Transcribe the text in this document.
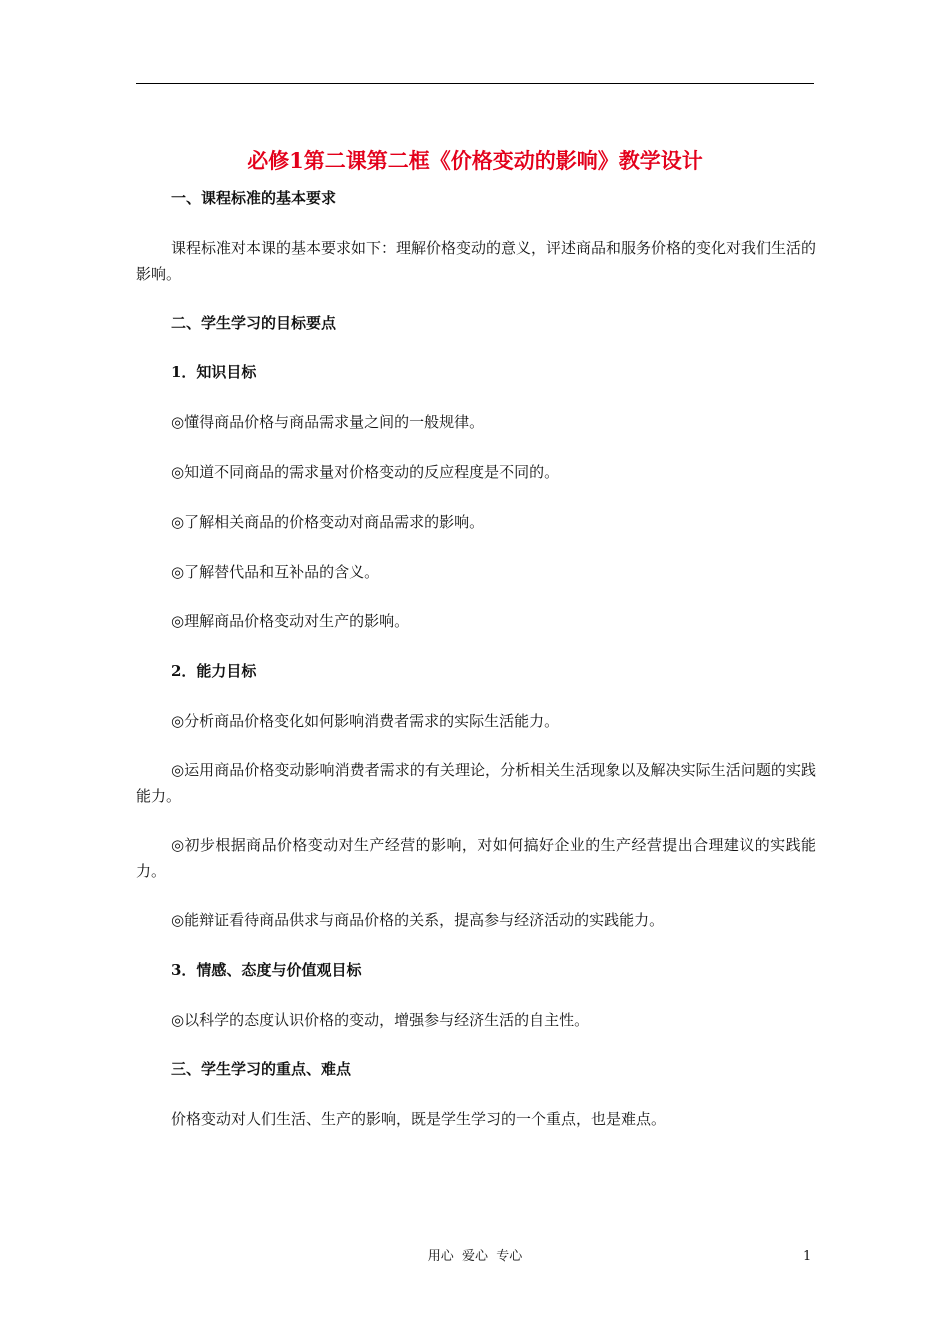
必修1第二课第二框《价格变动的影响》教学设计
一、课程标准的基本要求
课程标准对本课的基本要求如下：理解价格变动的意义，评述商品和服务价格的变化对我们生活的影响。
二、学生学习的目标要点
1．知识目标
◎懂得商品价格与商品需求量之间的一般规律。
◎知道不同商品的需求量对价格变动的反应程度是不同的。
◎了解相关商品的价格变动对商品需求的影响。
◎了解替代品和互补品的含义。
◎理解商品价格变动对生产的影响。
2．能力目标
◎分析商品价格变化如何影响消费者需求的实际生活能力。
◎运用商品价格变动影响消费者需求的有关理论，分析相关生活现象以及解决实际生活问题的实践能力。
◎初步根据商品价格变动对生产经营的影响，对如何搞好企业的生产经营提出合理建议的实践能力。
◎能辩证看待商品供求与商品价格的关系，提高参与经济活动的实践能力。
3．情感、态度与价值观目标
◎以科学的态度认识价格的变动，增强参与经济生活的自主性。
三、学生学习的重点、难点
价格变动对人们生活、生产的影响，既是学生学习的一个重点，也是难点。
用心  爱心  专心	1
